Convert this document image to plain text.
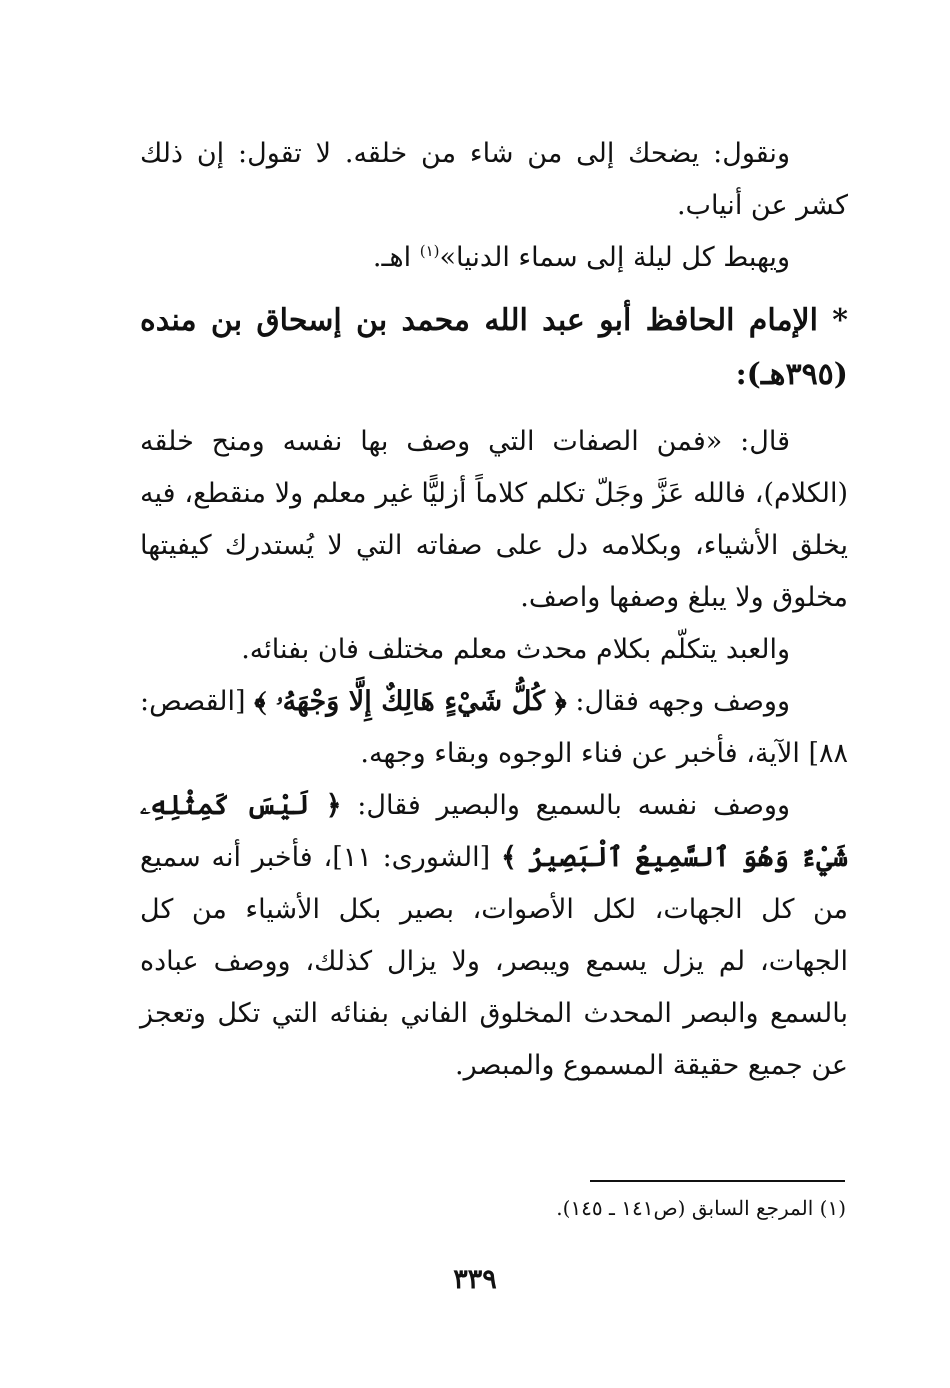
ونقول: يضحك إلى من شاء من خلقه. لا تقول: إن ذلك كشر عن أنياب.

ويهبط كل ليلة إلى سماء الدنيا»$^{(١)}$ اهـ.

* الإمام الحافظ أبو عبد الله محمد بن إسحاق بن منده (٣٩٥هـ):

قال: «فمن الصفات التي وصف بها نفسه ومنح خلقه (الكلام)، فالله عَزَّ وجَلّ تكلم كلاماً أزليًّا غير معلم ولا منقطع، فيه يخلق الأشياء، وبكلامه دل على صفاته التي لا يُستدرك كيفيتها مخلوق ولا يبلغ وصفها واصف.

والعبد يتكلّم بكلام محدث معلم مختلف فان بفنائه.

ووصف وجهه فقال: ﴿ كُلُّ شَيْءٍ هَالِكٌ إِلَّا وَجْهَهُۥ ﴾ [القصص: ٨٨] الآية، فأخبر عن فناء الوجوه وبقاء وجهه.

ووصف نفسه بالسميع والبصير فقال: ﴿ لَيْسَ كَمِثْلِهِۦ شَيْءٌ وَهُوَ ٱلسَّمِيعُ ٱلْبَصِيرُ ﴾ [الشورى: ١١]، فأخبر أنه سميع من كل الجهات، لكل الأصوات، بصير بكل الأشياء من كل الجهات، لم يزل يسمع ويبصر، ولا يزال كذلك، ووصف عباده بالسمع والبصر المحدث المخلوق الفاني بفنائه التي تكل وتعجز عن جميع حقيقة المسموع والمبصر.

(١) المرجع السابق (ص١٤١ ـ ١٤٥).
٣٣٩
